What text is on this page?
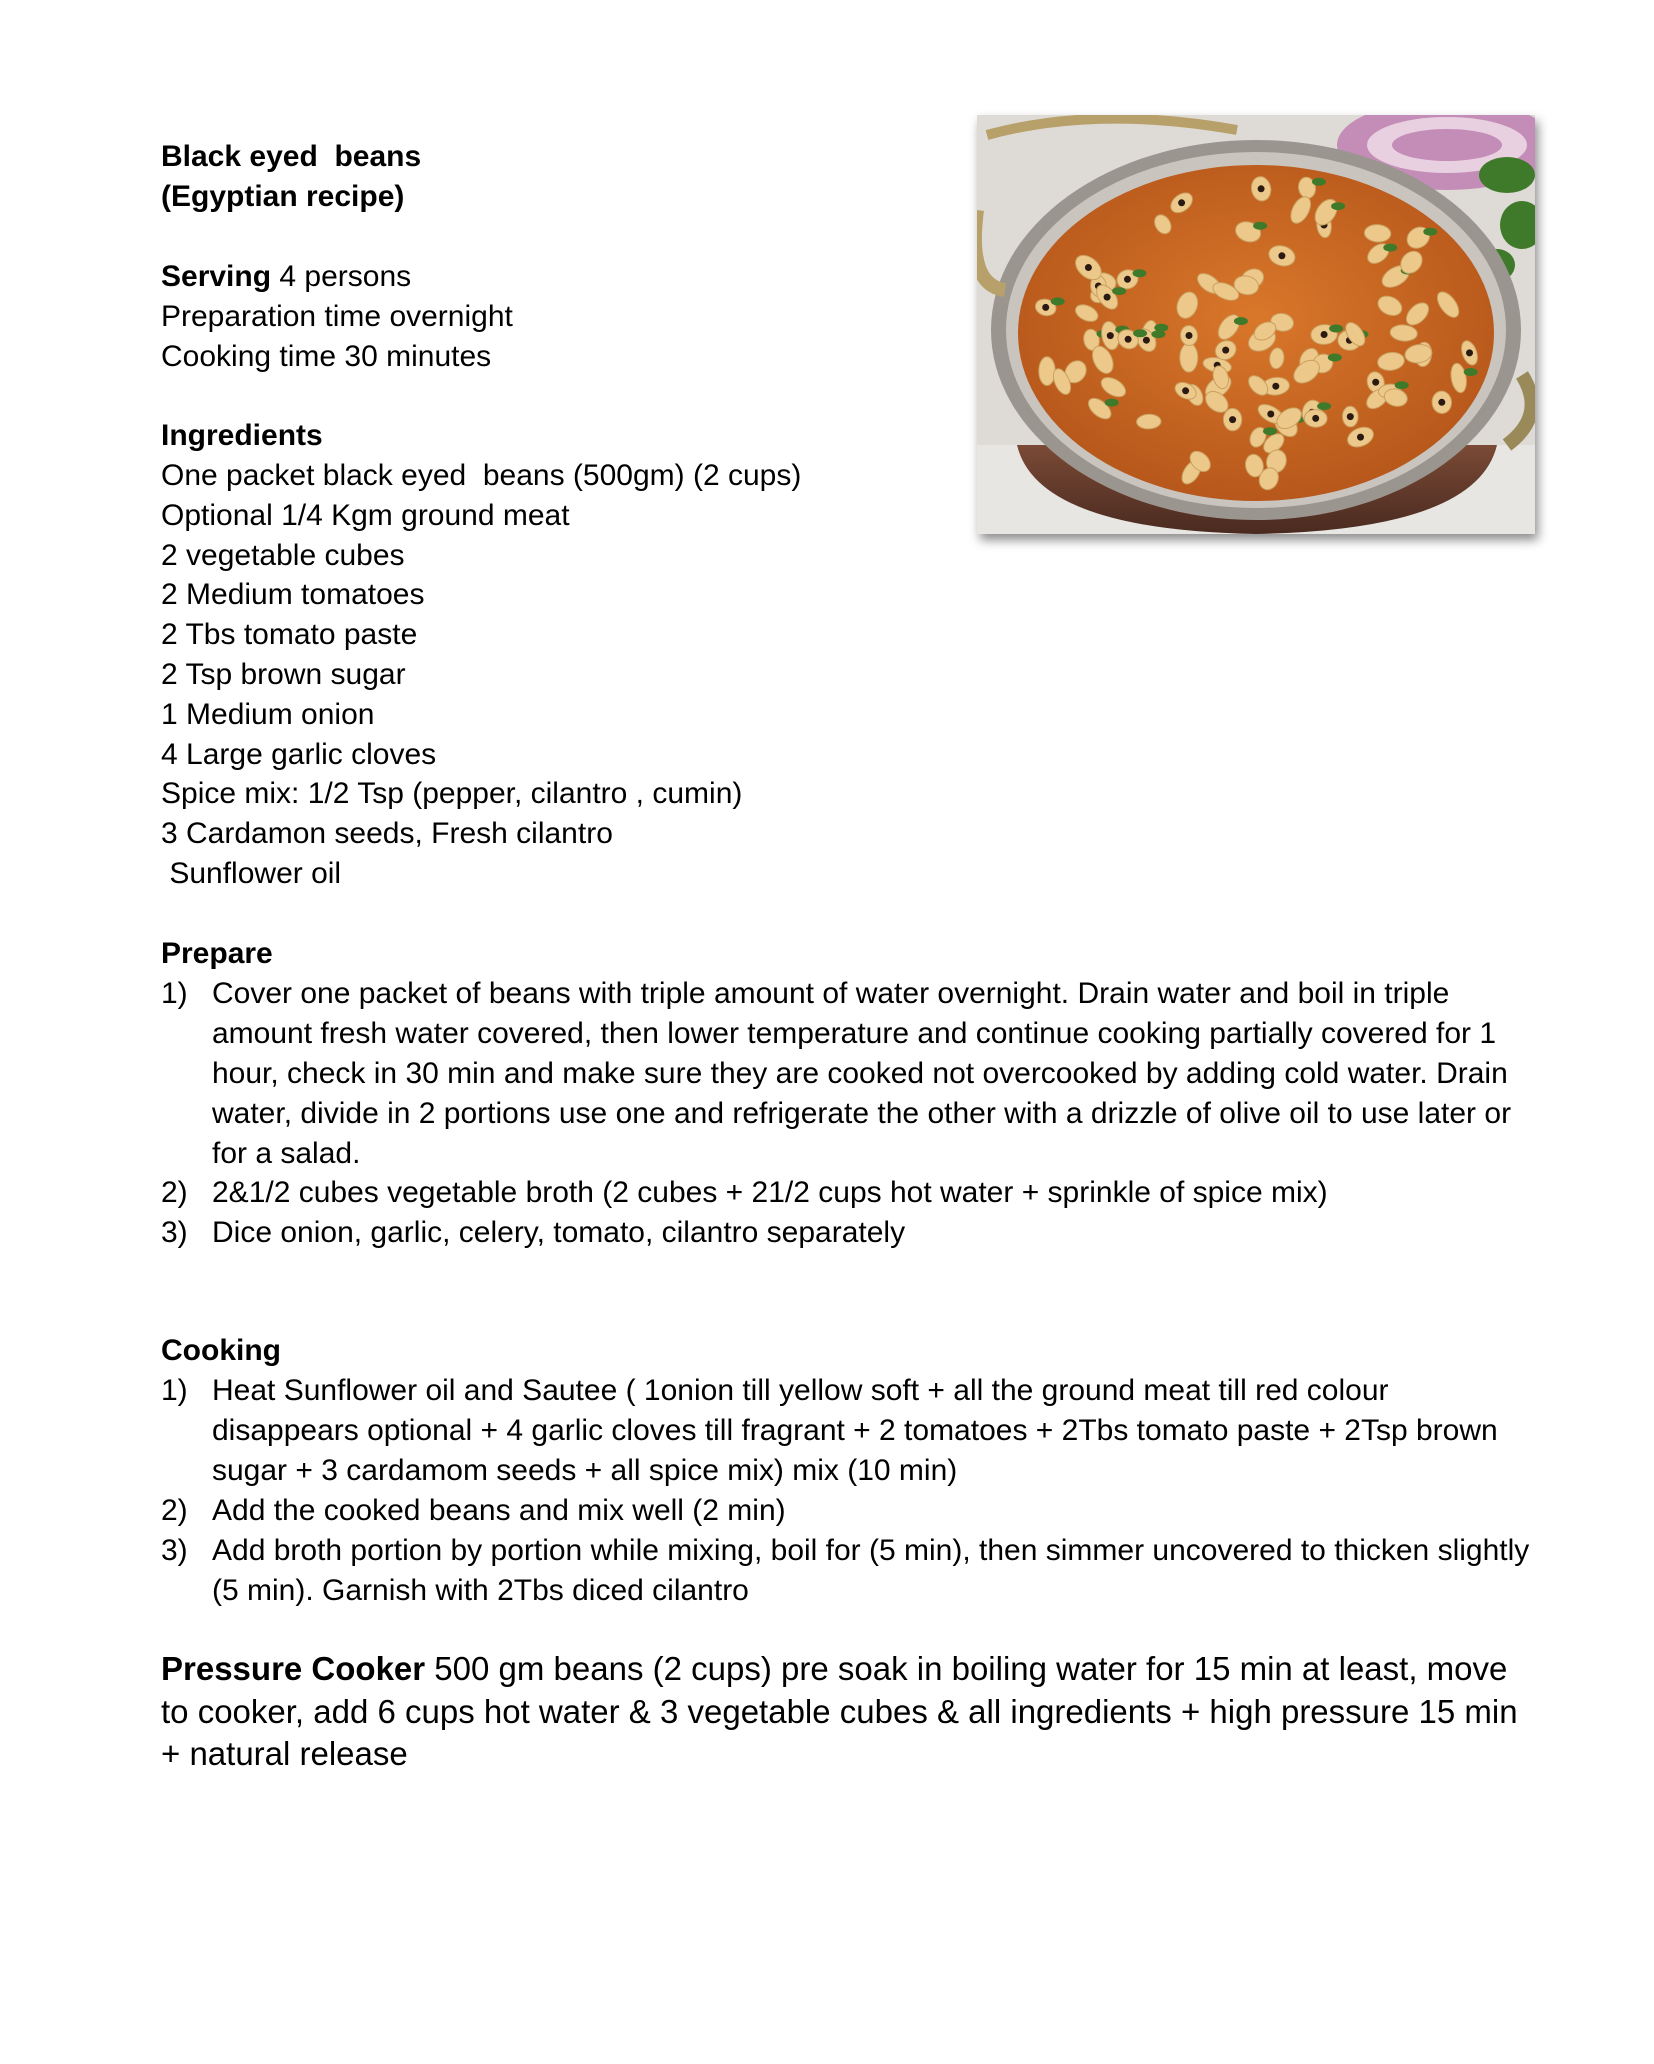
Black eyed  beans
(Egyptian recipe)
Serving 4 persons
Preparation time overnight
Cooking time 30 minutes
Ingredients
One packet black eyed  beans (500gm) (2 cups)
Optional 1/4 Kgm ground meat
2 vegetable cubes
2 Medium tomatoes
2 Tbs tomato paste
2 Tsp brown sugar
1 Medium onion
4 Large garlic cloves
Spice mix: 1/2 Tsp (pepper, cilantro , cumin)
3 Cardamon seeds, Fresh cilantro
Sunflower oil
Prepare
1) Cover one packet of beans with triple amount of water overnight. Drain water and boil in triple amount fresh water covered, then lower temperature and continue cooking partially covered for 1 hour, check in 30 min and make sure they are cooked not overcooked by adding cold water. Drain water, divide in 2 portions use one and refrigerate the other with a drizzle of olive oil to use later or for a salad.
2) 2&1/2 cubes vegetable broth (2 cubes + 21/2 cups hot water + sprinkle of spice mix)
3) Dice onion, garlic, celery, tomato, cilantro separately
Cooking
1) Heat Sunflower oil and Sautee ( 1onion till yellow soft + all the ground meat till red colour disappears optional + 4 garlic cloves till fragrant + 2 tomatoes + 2Tbs tomato paste + 2Tsp brown sugar + 3 cardamom seeds + all spice mix) mix (10 min)
2) Add the cooked beans and mix well (2 min)
3) Add broth portion by portion while mixing, boil for (5 min), then simmer uncovered to thicken slightly (5 min). Garnish with 2Tbs diced cilantro
Pressure Cooker 500 gm beans (2 cups) pre soak in boiling water for 15 min at least, move to cooker, add 6 cups hot water & 3 vegetable cubes & all ingredients + high pressure 15 min + natural release
